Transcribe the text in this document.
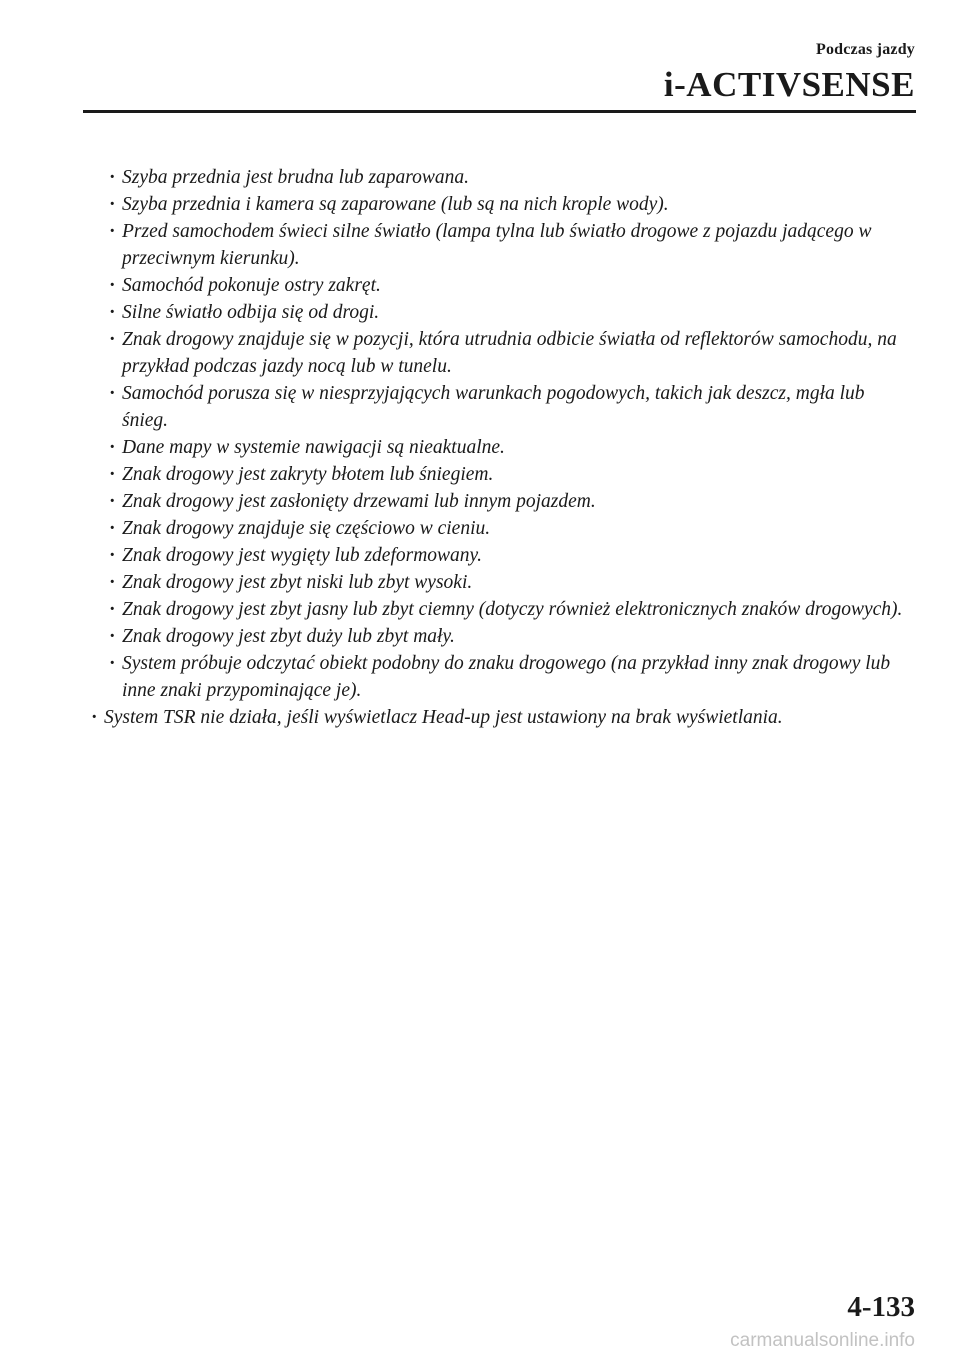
Podczas jazdy
i-ACTIVSENSE
· Szyba przednia jest brudna lub zaparowana.
· Szyba przednia i kamera są zaparowane (lub są na nich krople wody).
· Przed samochodem świeci silne światło (lampa tylna lub światło drogowe z pojazdu jadącego w przeciwnym kierunku).
· Samochód pokonuje ostry zakręt.
· Silne światło odbija się od drogi.
· Znak drogowy znajduje się w pozycji, która utrudnia odbicie światła od reflektorów samochodu, na przykład podczas jazdy nocą lub w tunelu.
· Samochód porusza się w niesprzyjających warunkach pogodowych, takich jak deszcz, mgła lub śnieg.
· Dane mapy w systemie nawigacji są nieaktualne.
· Znak drogowy jest zakryty błotem lub śniegiem.
· Znak drogowy jest zasłonięty drzewami lub innym pojazdem.
· Znak drogowy znajduje się częściowo w cieniu.
· Znak drogowy jest wygięty lub zdeformowany.
· Znak drogowy jest zbyt niski lub zbyt wysoki.
· Znak drogowy jest zbyt jasny lub zbyt ciemny (dotyczy również elektronicznych znaków drogowych).
· Znak drogowy jest zbyt duży lub zbyt mały.
· System próbuje odczytać obiekt podobny do znaku drogowego (na przykład inny znak drogowy lub inne znaki przypominające je).
· System TSR nie działa, jeśli wyświetlacz Head-up jest ustawiony na brak wyświetlania.
4-133
carmanualsonline.info
